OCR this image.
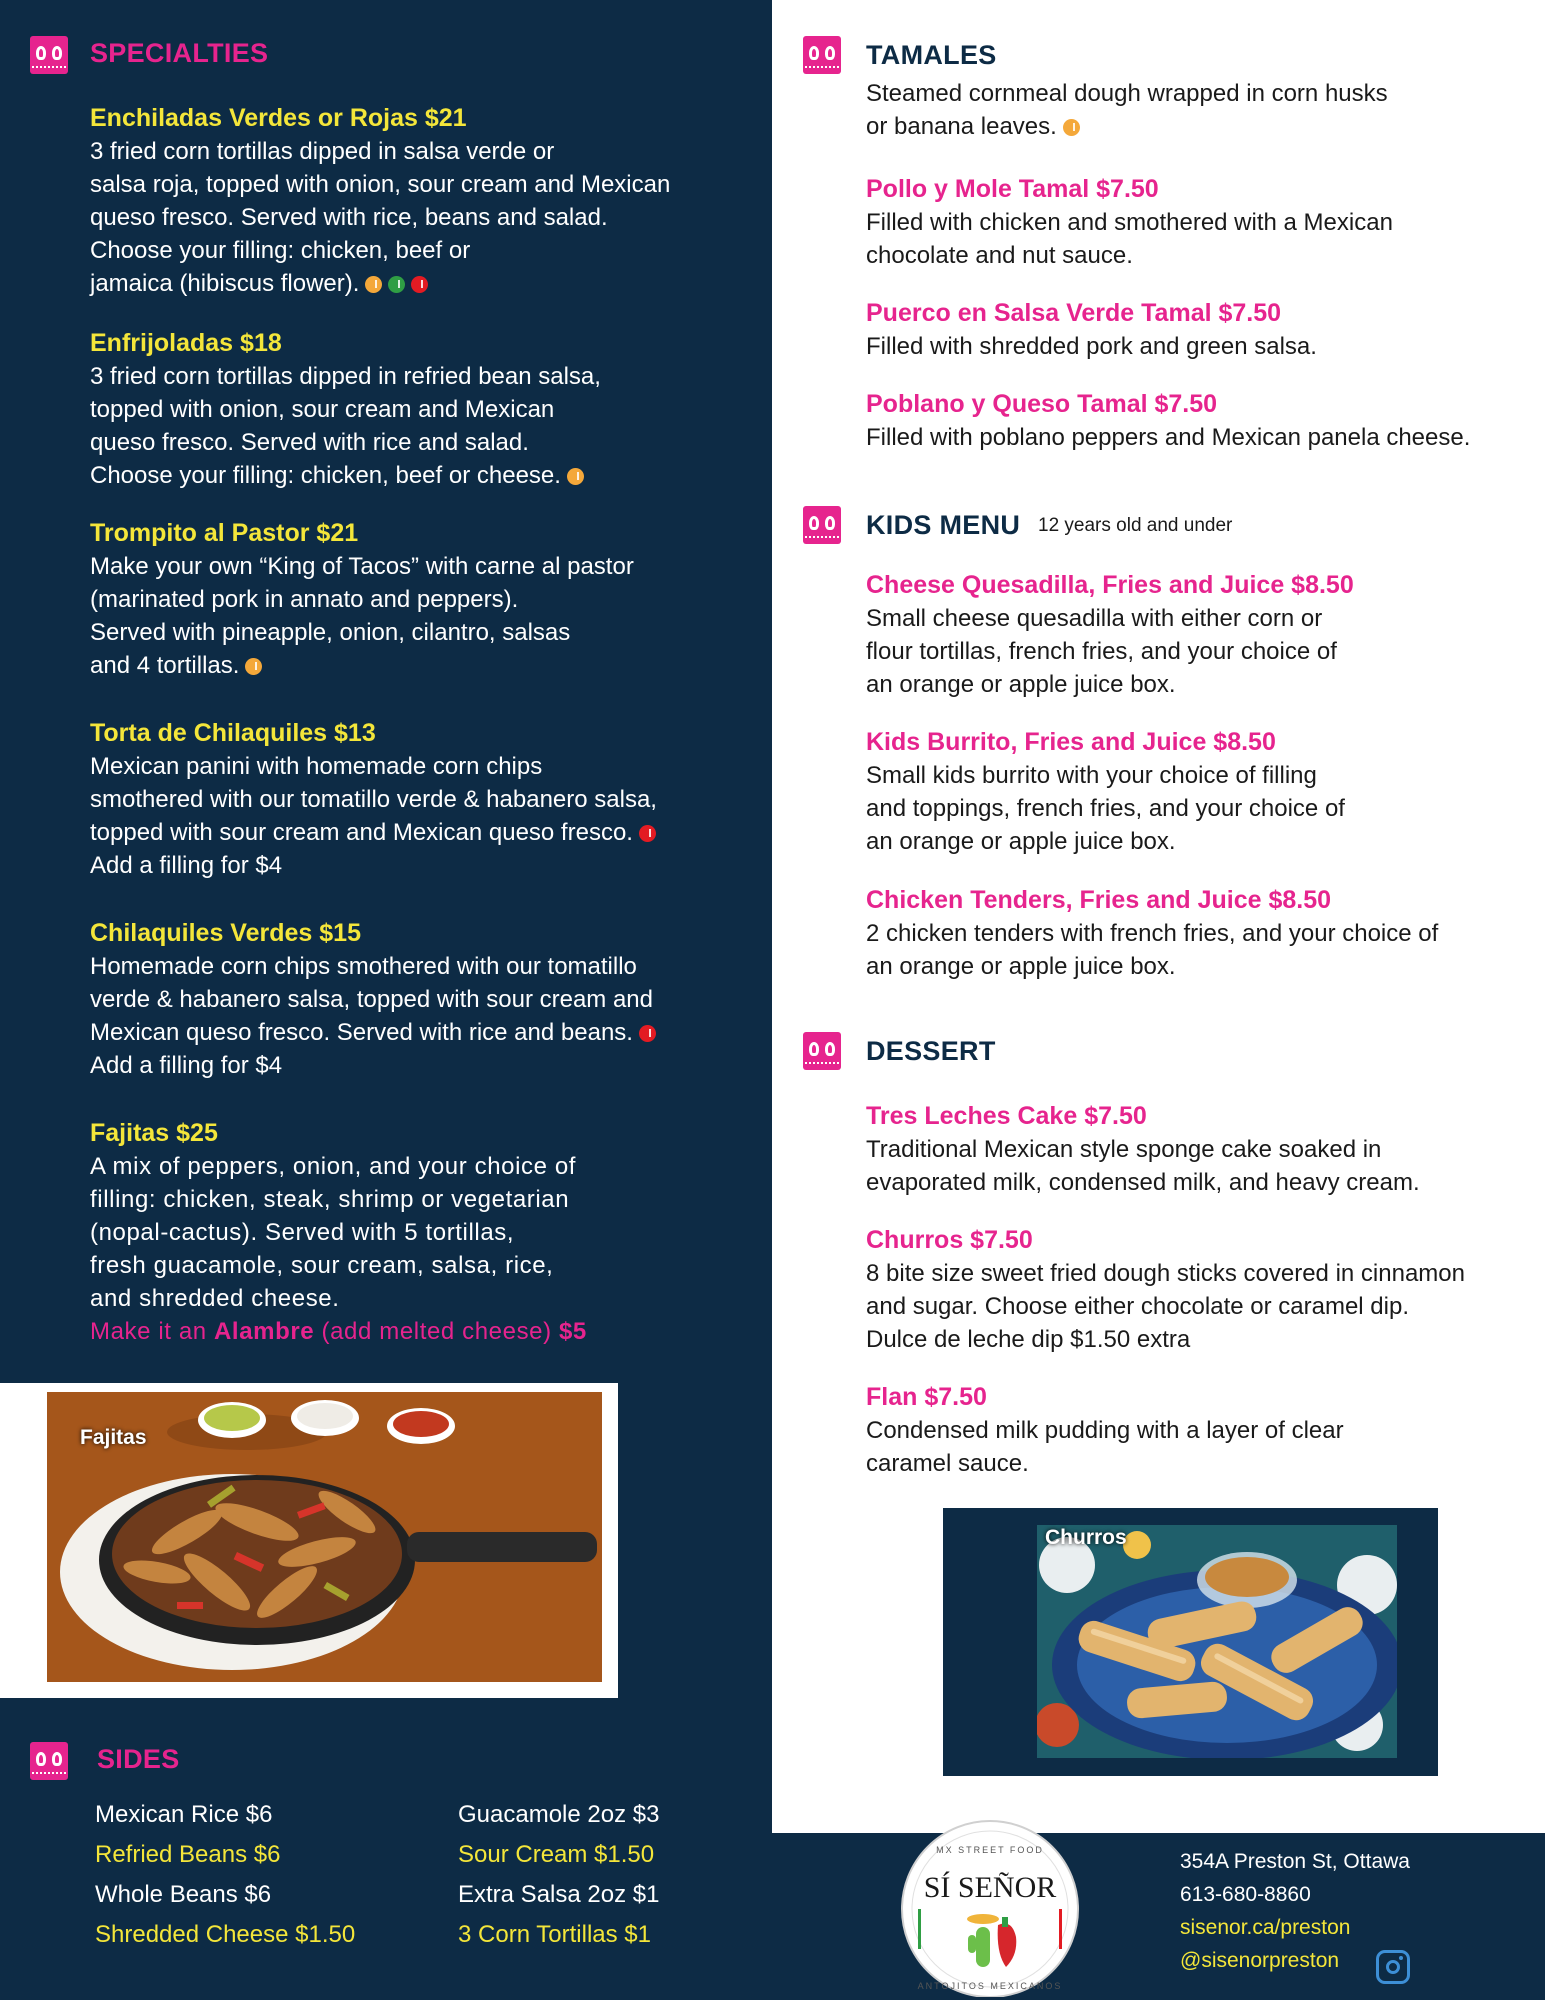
SPECIALTIES
Enchiladas Verdes or Rojas $21
3 fried corn tortillas dipped in salsa verde or
salsa roja, topped with onion, sour cream and Mexican
queso fresco. Served with rice, beans and salad.
Choose your filling: chicken, beef or
jamaica (hibiscus flower).
Enfrijoladas $18
3 fried corn tortillas dipped in refried bean salsa,
topped with onion, sour cream and Mexican
queso fresco. Served with rice and salad.
Choose your filling: chicken, beef or cheese.
Trompito al Pastor $21
Make your own “King of Tacos” with carne al pastor
(marinated pork in annato and peppers).
Served with pineapple, onion, cilantro, salsas
and 4 tortillas.
Torta de Chilaquiles $13
Mexican panini with homemade corn chips
smothered with our tomatillo verde & habanero salsa,
topped with sour cream and Mexican queso fresco.
Add a filling for $4
Chilaquiles Verdes $15
Homemade corn chips smothered with our tomatillo
verde & habanero salsa, topped with sour cream and
Mexican queso fresco. Served with rice and beans.
Add a filling for $4
Fajitas $25
A mix of peppers, onion, and your choice of
filling: chicken, steak, shrimp or vegetarian
(nopal-cactus). Served with 5 tortillas,
fresh guacamole, sour cream, salsa, rice,
and shredded cheese.
Make it an Alambre (add melted cheese) $5
Fajitas
SIDES
Mexican Rice $6
Refried Beans $6
Whole Beans $6
Shredded Cheese $1.50
Guacamole 2oz $3
Sour Cream $1.50
Extra Salsa 2oz $1
3 Corn Tortillas $1
TAMALES
Steamed cornmeal dough wrapped in corn husks
or banana leaves.
Pollo y Mole Tamal $7.50
Filled with chicken and smothered with a Mexican
chocolate and nut sauce.
Puerco en Salsa Verde Tamal $7.50
Filled with shredded pork and green salsa.
Poblano y Queso Tamal $7.50
Filled with poblano peppers and Mexican panela cheese.
KIDS MENU 12 years old and under
Cheese Quesadilla, Fries and Juice $8.50
Small cheese quesadilla with either corn or
flour tortillas, french fries, and your choice of
an orange or apple juice box.
Kids Burrito, Fries and Juice $8.50
Small kids burrito with your choice of filling
and toppings, french fries, and your choice of
an orange or apple juice box.
Chicken Tenders, Fries and Juice $8.50
2 chicken tenders with french fries, and your choice of
an orange or apple juice box.
DESSERT
Tres Leches Cake $7.50
Traditional Mexican style sponge cake soaked in
evaporated milk, condensed milk, and heavy cream.
Churros $7.50
8 bite size sweet fried dough sticks covered in cinnamon
and sugar. Choose either chocolate or caramel dip.
Dulce de leche dip $1.50 extra
Flan $7.50
Condensed milk pudding with a layer of clear
caramel sauce.
Churros
MX STREET FOOD
SÍ SEÑOR
ANTOJITOS MEXICANOS
354A Preston St, Ottawa
613-680-8860
sisenor.ca/preston
@sisenorpreston
